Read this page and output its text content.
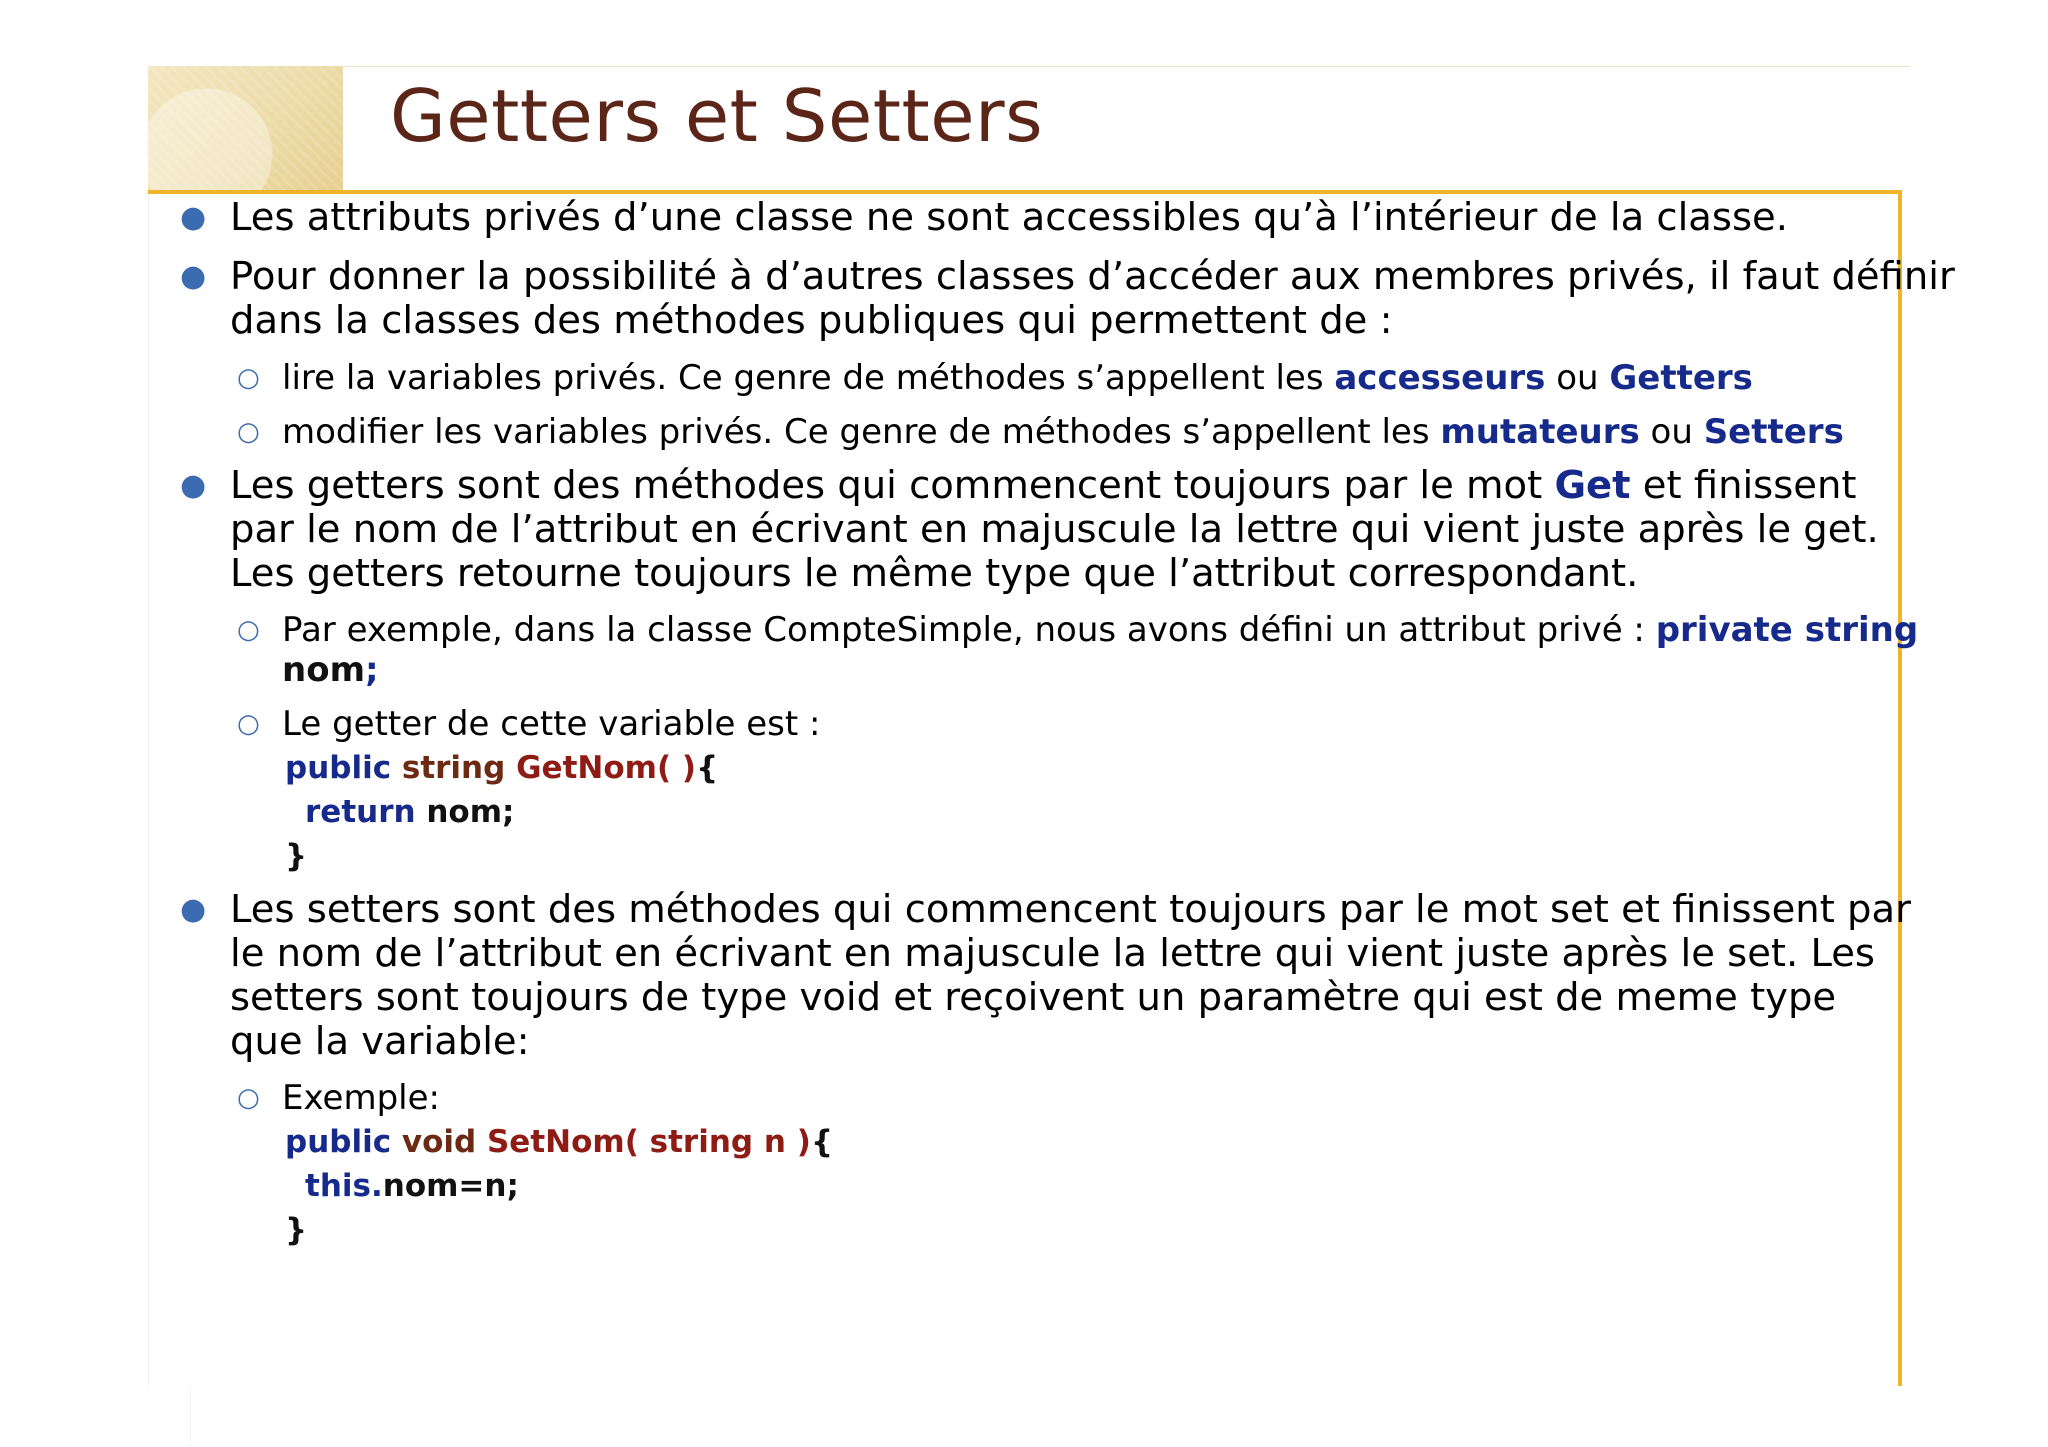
Getters et Setters

● Les attributs privés d’une classe ne sont accessibles qu’à l’intérieur de la classe.

● Pour donner la possibilité à d’autres classes d’accéder aux membres privés, il faut définir

dans la classes des méthodes publiques qui permettent de :

○ lire la variables privés. Ce genre de méthodes s’appellent les accesseurs ou Getters

○ modifier les variables privés. Ce genre de méthodes s’appellent les mutateurs ou Setters

● Les getters sont des méthodes qui commencent toujours par le mot Get et finissent

par le nom de l’attribut en écrivant en majuscule la lettre qui vient juste après le get.

Les getters retourne toujours le même type que l’attribut correspondant.

○ Par exemple, dans la classe CompteSimple, nous avons défini un attribut privé : private string

nom;

○ Le getter de cette variable est :

public string GetNom( ){

return nom;

}

● Les setters sont des méthodes qui commencent toujours par le mot set et finissent par

le nom de l’attribut en écrivant en majuscule la lettre qui vient juste après le set. Les

setters sont toujours de type void et reçoivent un paramètre qui est de meme type

que la variable:

○ Exemple:

public void SetNom( string n ){

this.nom=n;

}
